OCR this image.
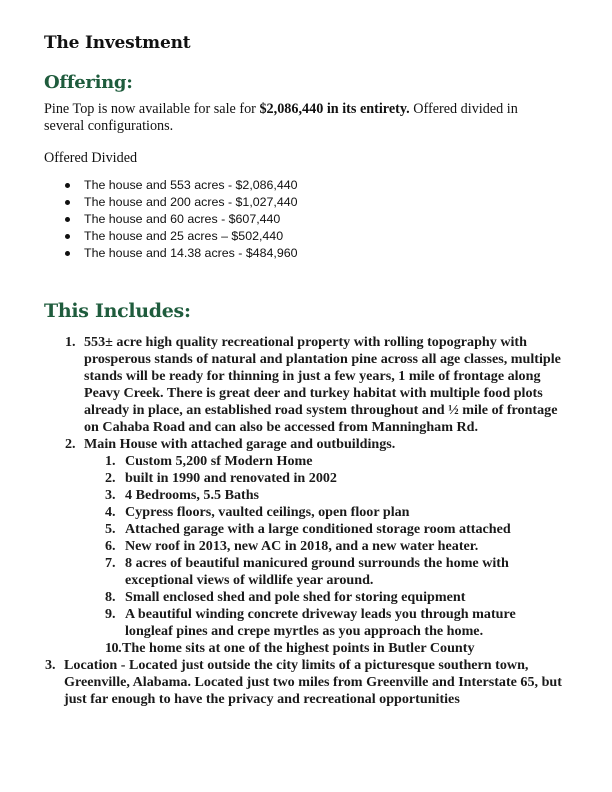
The Investment
Offering:

Pine Top is now available for sale for $2,086,440 in its entirety. Offered divided in several configurations.

Offered Divided

The house and 553 acres - $2,086,440
The house and 200 acres - $1,027,440
The house and 60 acres - $607,440
The house and 25 acres – $502,440
The house and 14.38 acres - $484,960
This Includes:
1. 553± acre high quality recreational property with rolling topography with prosperous stands of natural and plantation pine across all age classes, multiple stands will be ready for thinning in just a few years, 1 mile of frontage along Peavy Creek. There is great deer and turkey habitat with multiple food plots already in place, an established road system throughout and ½ mile of frontage on Cahaba Road and can also be accessed from Manningham Rd.
2. Main House with attached garage and outbuildings.
1. Custom 5,200 sf Modern Home
2. built in 1990 and renovated in 2002
3. 4 Bedrooms, 5.5 Baths
4. Cypress floors, vaulted ceilings, open floor plan
5. Attached garage with a large conditioned storage room attached
6. New roof in 2013, new AC in 2018, and a new water heater.
7. 8 acres of beautiful manicured ground surrounds the home with exceptional views of wildlife year around.
8. Small enclosed shed and pole shed for storing equipment
9. A beautiful winding concrete driveway leads you through mature longleaf pines and crepe myrtles as you approach the home.
10. The home sits at one of the highest points in Butler County
3. Location - Located just outside the city limits of a picturesque southern town, Greenville, Alabama. Located just two miles from Greenville and Interstate 65, but just far enough to have the privacy and recreational opportunities
